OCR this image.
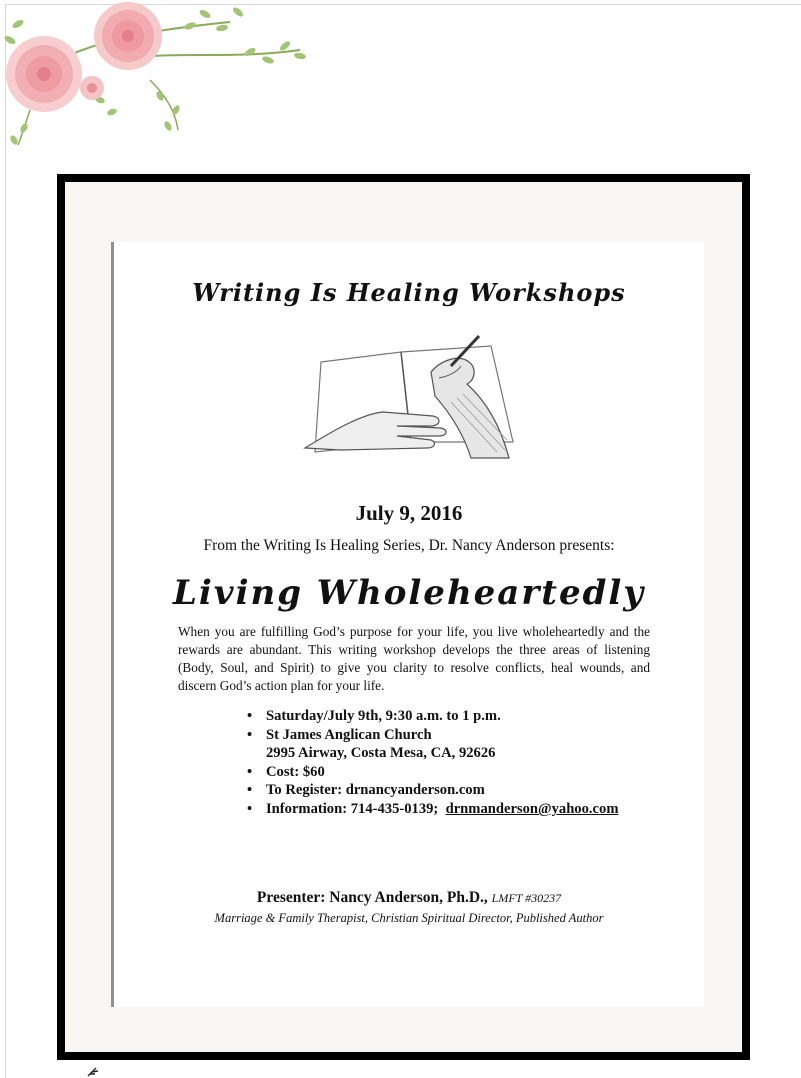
Writing Is Healing Workshops
July 9, 2016
From the Writing Is Healing Series, Dr. Nancy Anderson presents:
Living Wholeheartedly
When you are fulfilling God’s purpose for your life, you live wholeheartedly and the rewards are abundant. This writing workshop develops the three areas of listening (Body, Soul, and Spirit) to give you clarity to resolve conflicts, heal wounds, and discern God’s action plan for your life.
• Saturday/July 9th, 9:30 a.m. to 1 p.m.
• St James Anglican Church
2995 Airway, Costa Mesa, CA, 92626
• Cost: $60
• To Register: drnancyanderson.com
• Information: 714-435-0139; drnmanderson@yahoo.com
Presenter: Nancy Anderson, Ph.D., LMFT #30237
Marriage & Family Therapist, Christian Spiritual Director, Published Author
